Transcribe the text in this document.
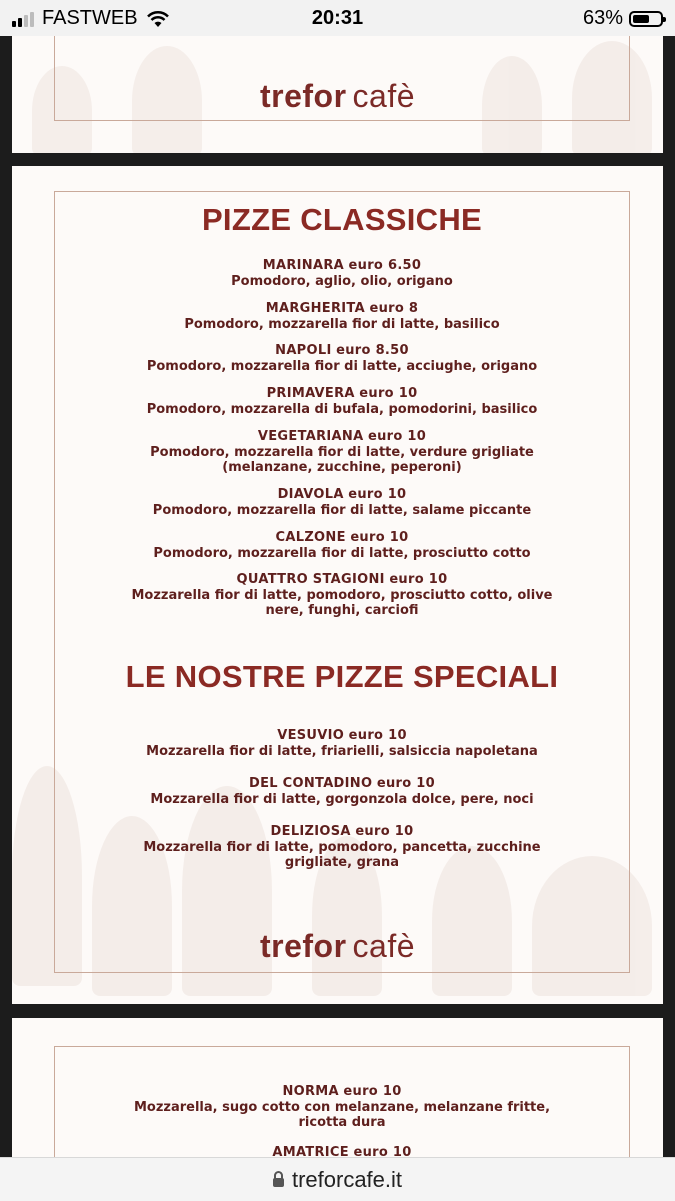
FASTWEB	20:31	63%
trefor cafè
PIZZE CLASSICHE
MARINARA euro 6.50
Pomodoro, aglio, olio, origano
MARGHERITA euro 8
Pomodoro, mozzarella fior di latte, basilico
NAPOLI euro 8.50
Pomodoro, mozzarella fior di latte, acciughe, origano
PRIMAVERA euro 10
Pomodoro, mozzarella di bufala, pomodorini, basilico
VEGETARIANA euro 10
Pomodoro, mozzarella fior di latte, verdure grigliate
(melanzane, zucchine, peperoni)
DIAVOLA euro 10
Pomodoro, mozzarella fior di latte, salame piccante
CALZONE euro 10
Pomodoro, mozzarella fior di latte, prosciutto cotto
QUATTRO STAGIONI euro 10
Mozzarella fior di latte, pomodoro, prosciutto cotto, olive
nere, funghi, carciofi
LE NOSTRE PIZZE SPECIALI
VESUVIO euro 10
Mozzarella fior di latte, friarielli, salsiccia napoletana
DEL CONTADINO euro 10
Mozzarella fior di latte, gorgonzola dolce, pere, noci
DELIZIOSA euro 10
Mozzarella fior di latte, pomodoro, pancetta, zucchine
grigliate, grana
trefor cafè
NORMA euro 10
Mozzarella, sugo cotto con melanzane, melanzane fritte,
ricotta dura
AMATRICE euro 10
treforcafe.it
